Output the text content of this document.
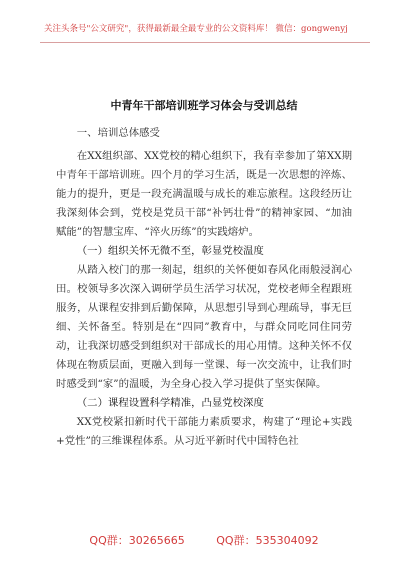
关注头条号"公文研究"，获得最新最全最专业的公文资料库！ 微信：gongwenyj
中青年干部培训班学习体会与受训总结

一、培训总体感受

在XX组织部、XX党校的精心组织下，我有幸参加了第XX期中青年干部培训班。四个月的学习生活，既是一次思想的淬炼、能力的提升，更是一段充满温暖与成长的难忘旅程。这段经历让我深刻体会到，党校是党员干部“补钙壮骨”的精神家园、“加油赋能”的智慧宝库、“淬火历练”的实践熔炉。

（一）组织关怀无微不至，彰显党校温度

从踏入校门的那一刻起，组织的关怀便如春风化雨般浸润心田。校领导多次深入调研学员生活学习状况，党校老师全程跟班服务，从课程安排到后勤保障，从思想引导到心理疏导，事无巨细、关怀备至。特别是在“四同”教育中，与群众同吃同住同劳动，让我深切感受到组织对干部成长的用心用情。这种关怀不仅体现在物质层面，更融入到每一堂课、每一次交流中，让我们时时感受到“家”的温暖，为全身心投入学习提供了坚实保障。

（二）课程设置科学精准，凸显党校深度

XX党校紧扣新时代干部能力素质要求，构建了“理论+实践+党性”的三维课程体系。从习近平新时代中国特色社

QQ群：30265665	QQ群：535304092
